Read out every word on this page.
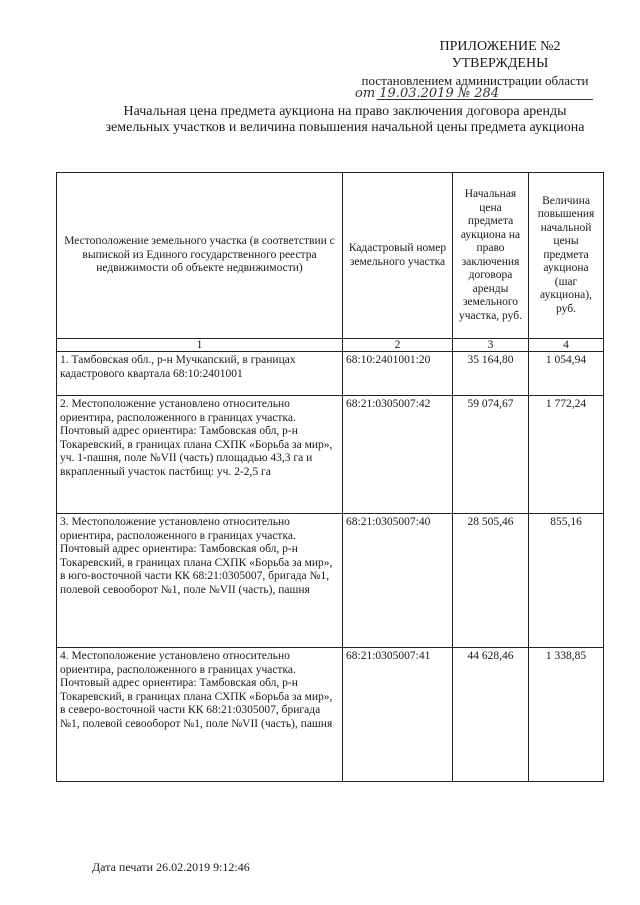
ПРИЛОЖЕНИЕ №2
УТВЕРЖДЕНЫ
постановлением администрации области
от 19.03.2019 № 284
Начальная цена предмета аукциона на право заключения договора аренды земельных участков и величина повышения начальной цены предмета аукциона
Местоположение земельного участка (в соответствии с выпиской из Единого государственного реестра недвижимости об объекте недвижимости)	Кадастровый номер земельного участка	Начальная цена предмета аукциона на право заключения договора аренды земельного участка, руб.	Величина повышения начальной цены предмета аукциона (шаг аукциона), руб.
1	2	3	4
1. Тамбовская обл., р-н Мучкапский, в границах кадастрового квартала 68:10:2401001	68:10:2401001:20	35 164,80	1 054,94
2. Местоположение установлено относительно ориентира, расположенного в границах участка. Почтовый адрес ориентира: Тамбовская обл, р-н Токаревский, в границах плана СХПК «Борьба за мир», уч. 1-пашня, поле №VII (часть) площадью 43,3 га и вкрапленный участок пастбищ: уч. 2-2,5 га	68:21:0305007:42	59 074,67	1 772,24
3. Местоположение установлено относительно ориентира, расположенного в границах участка. Почтовый адрес ориентира: Тамбовская обл, р-н Токаревский, в границах плана СХПК «Борьба за мир», в юго-восточной части КК 68:21:0305007, бригада №1, полевой севооборот №1, поле №VII (часть), пашня	68:21:0305007:40	28 505,46	855,16
4. Местоположение установлено относительно ориентира, расположенного в границах участка. Почтовый адрес ориентира: Тамбовская обл, р-н Токаревский, в границах плана СХПК «Борьба за мир», в северо-восточной части КК 68:21:0305007, бригада №1, полевой севооборот №1, поле №VII (часть), пашня	68:21:0305007:41	44 628,46	1 338,85
Дата печати 26.02.2019 9:12:46
